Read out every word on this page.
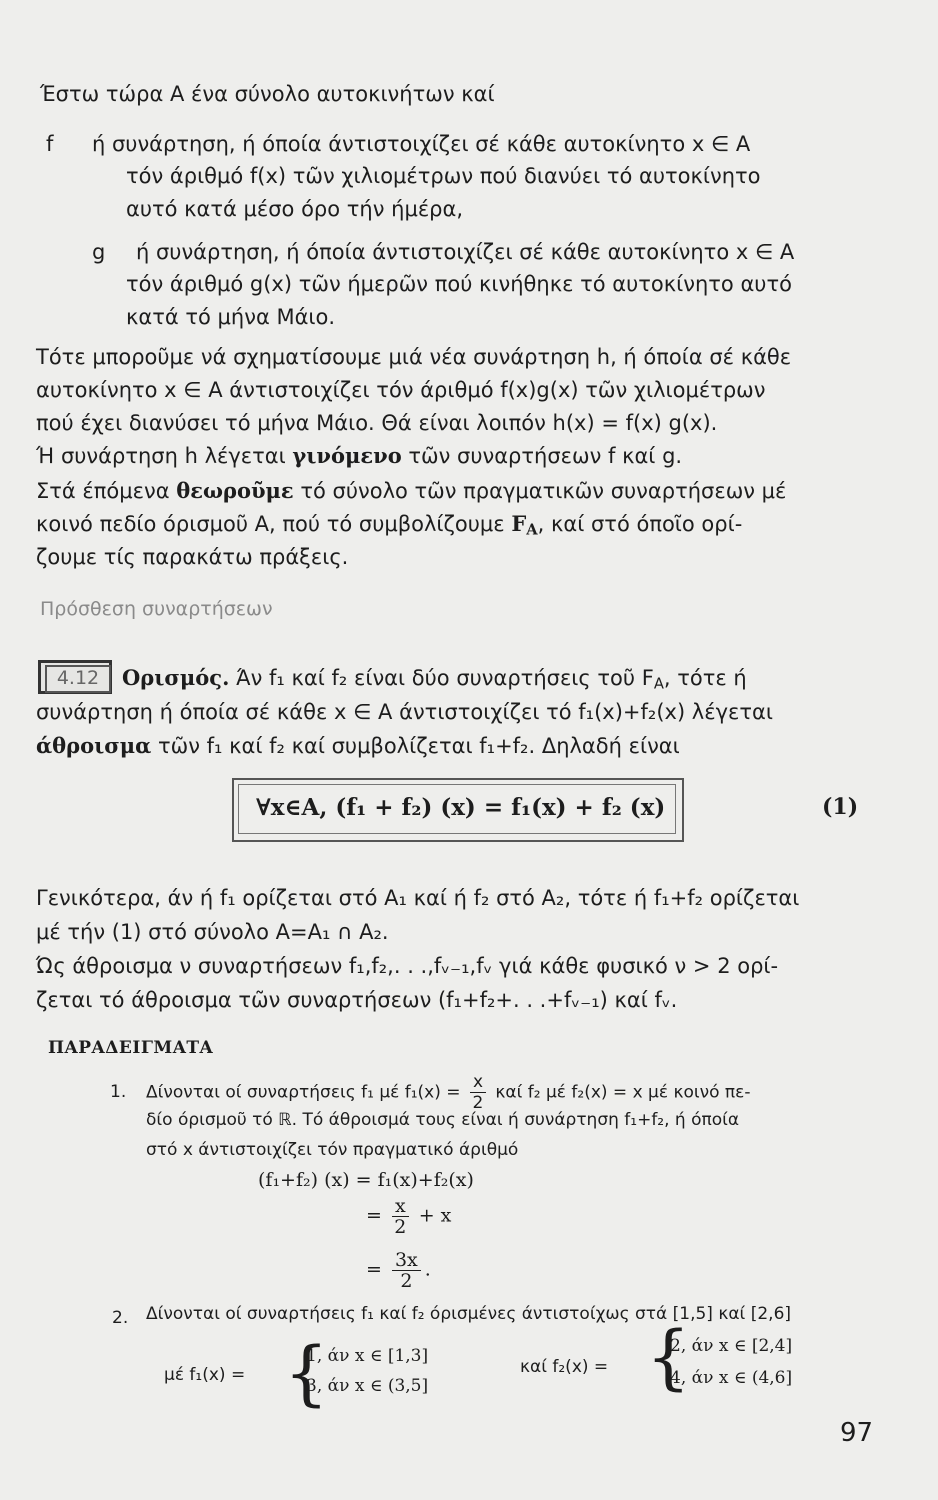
Έστω τώρα A ένα σύνολο αυτοκινήτων καί
f ή συνάρτηση, ή όποία άντιστοιχίζει σέ κάθε αυτοκίνητο x ∈ A
τόν άριθμό f(x) τῶν χιλιομέτρων πού διανύει τό αυτοκίνητο
αυτό κατά μέσο όρο τήν ήμέρα,
g ή συνάρτηση, ή όποία άντιστοιχίζει σέ κάθε αυτοκίνητο x ∈ A
τόν άριθμό g(x) τῶν ήμερῶν πού κινήθηκε τό αυτοκίνητο αυτό
κατά τό μήνα Μάιο.
Τότε μποροῦμε νά σχηματίσουμε μιά νέα συνάρτηση h, ή όποία σέ κάθε
αυτοκίνητο x ∈ A άντιστοιχίζει τόν άριθμό f(x)g(x) τῶν χιλιομέτρων
πού έχει διανύσει τό μήνα Μάιο. Θά είναι λοιπόν h(x) = f(x) g(x).
Ή συνάρτηση h λέγεται γινόμενο τῶν συναρτήσεων f καί g.
Στά έπόμενα θεωροῦμε τό σύνολο τῶν πραγματικῶν συναρτήσεων μέ
κοινό πεδίο όρισμοῦ A, πού τό συμβολίζουμε $F_A$, καί στό όποῖο ορί-
ζουμε τίς παρακάτω πράξεις.
Πρόσθεση συναρτήσεων
4.12	Ορισμός. Άν f₁ καί f₂ είναι δύο συναρτήσεις τοῦ $F_A$, τότε ή
συνάρτηση ή όποία σέ κάθε x ∈ A άντιστοιχίζει τό f₁(x)+f₂(x) λέγεται
άθροισμα τῶν f₁ καί f₂ καί συμβολίζεται f₁+f₂. Δηλαδή είναι
∀x∈A, (f₁ + f₂) (x) = f₁(x) + f₂ (x)	(1)
Γενικότερα, άν ή f₁ ορίζεται στό A₁ καί ή f₂ στό A₂, τότε ή f₁+f₂ ορίζεται
μέ τήν (1) στό σύνολο A=A₁ ∩ A₂.
Ώς άθροισμα ν συναρτήσεων f₁,f₂,. . .,fᵥ₋₁,fᵥ γιά κάθε φυσικό ν > 2 ορί-
ζεται τό άθροισμα τῶν συναρτήσεων (f₁+f₂+. . .+fᵥ₋₁) καί fᵥ.
ΠΑΡΑΔΕΙΓΜΑΤΑ
1. Δίνονται οί συναρτήσεις f₁ μέ $f_1(x) = \frac{x}{2}$ καί f₂ μέ f₂(x) = x μέ κοινό πε-
δίο όρισμοῦ τό ℝ. Τό άθροισμά τους είναι ή συνάρτηση f₁+f₂, ή όποία
στό x άντιστοιχίζει τόν πραγματικό άριθμό
(f₁+f₂) (x) = f₁(x)+f₂(x)
= $\frac{x}{2} + x$
= $\frac{3x}{2}$ .
2. Δίνονται οί συναρτήσεις f₁ καί f₂ όρισμένες άντιστοίχως στά [1,5] καί [2,6]
μέ f₁(x) = {
1, άν x ∈ [1,3]
3, άν x ∈ (3,5]
καί f₂(x) = {
2, άν x ∈ [2,4]
4, άν x ∈ (4,6]
97
